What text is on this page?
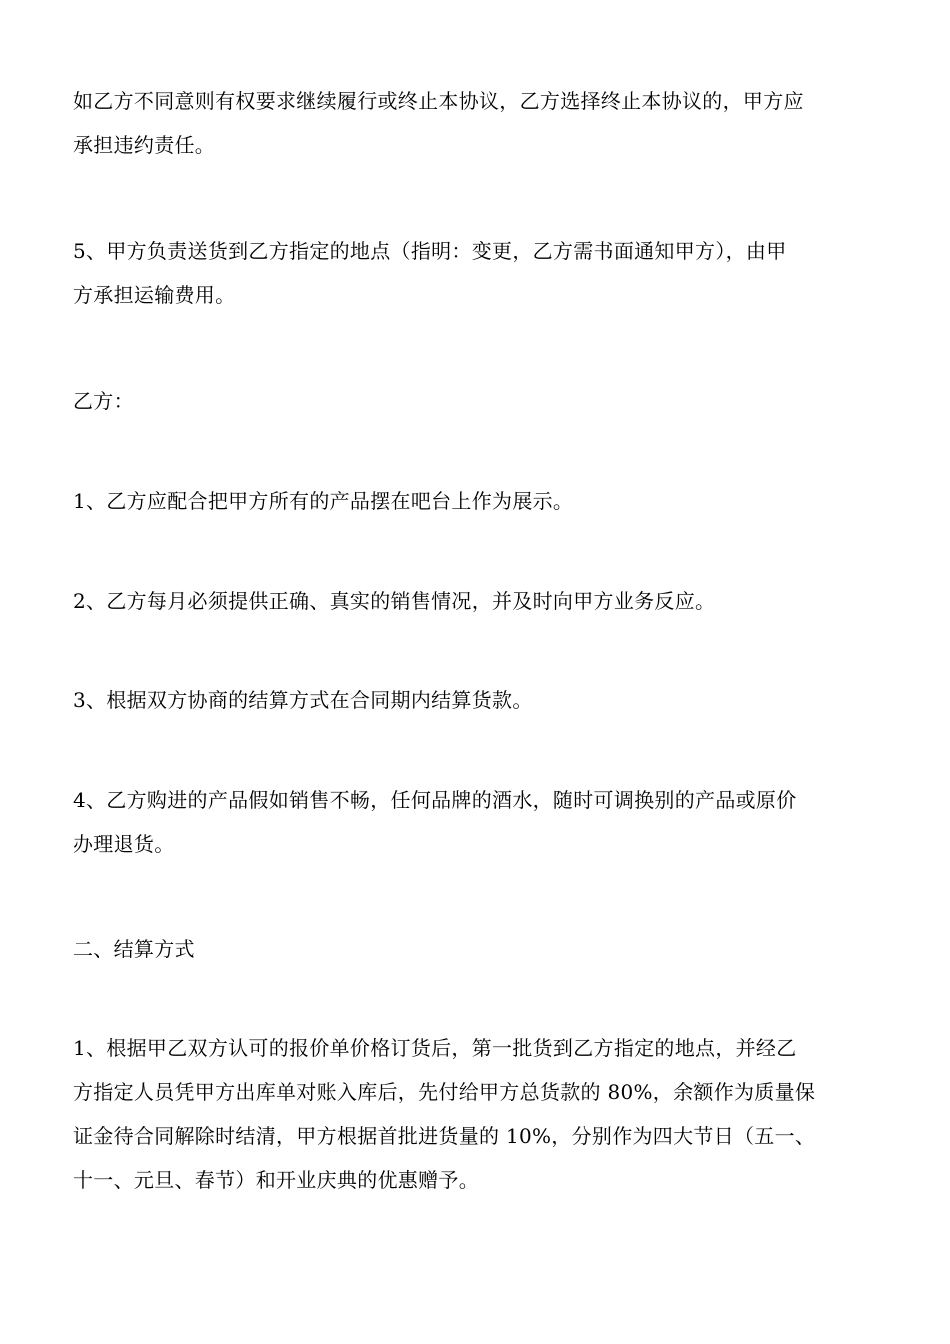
如乙方不同意则有权要求继续履行或终止本协议，乙方选择终止本协议的，甲方应
承担违约责任。

5、甲方负责送货到乙方指定的地点（指明：变更，乙方需书面通知甲方），由甲
方承担运输费用。

乙方：

1、乙方应配合把甲方所有的产品摆在吧台上作为展示。

2、乙方每月必须提供正确、真实的销售情况，并及时向甲方业务反应。

3、根据双方协商的结算方式在合同期内结算货款。

4、乙方购进的产品假如销售不畅，任何品牌的酒水，随时可调换别的产品或原价
办理退货。

二、结算方式

1、根据甲乙双方认可的报价单价格订货后，第一批货到乙方指定的地点，并经乙
方指定人员凭甲方出库单对账入库后，先付给甲方总货款的 80%，余额作为质量保
证金待合同解除时结清，甲方根据首批进货量的 10%，分别作为四大节日（五一、
十一、元旦、春节）和开业庆典的优惠赠予。
